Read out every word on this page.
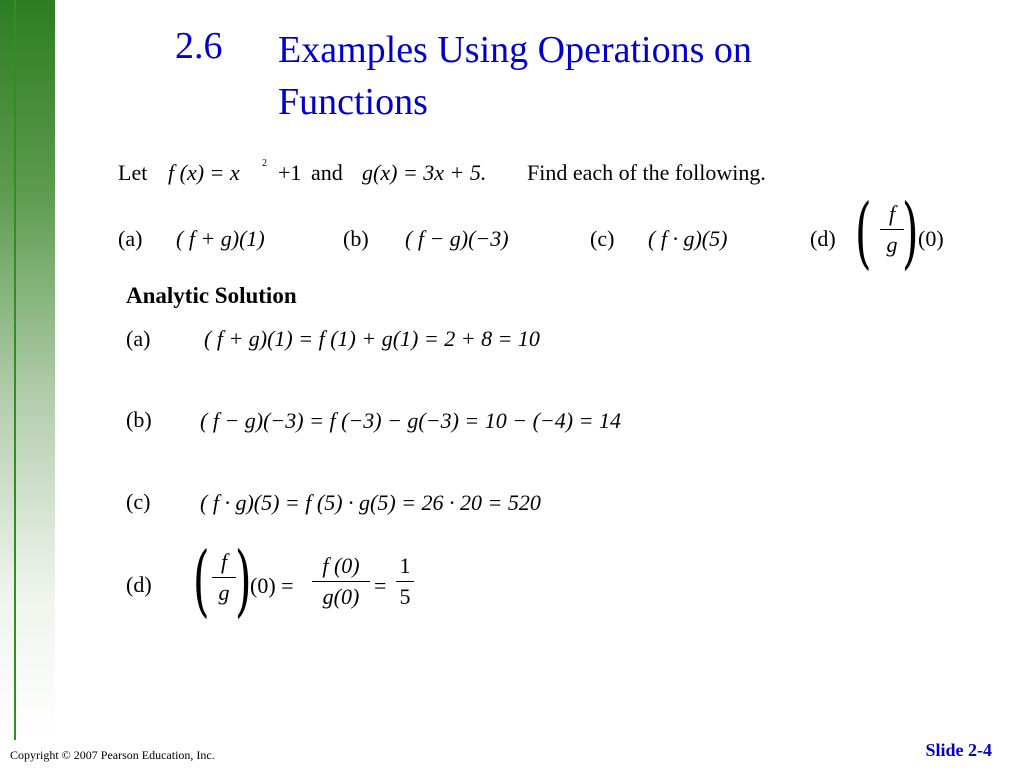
2.6 Examples Using Operations on Functions
Let f (x) = x 2 +1 and g(x) = 3x + 5. Find each of the following.
(a) ( f + g)(1)	(b) ( f − g)(−3)	(c) ( f · g)(5)	(d) ( f
g ) (0)
Analytic Solution
(a) ( f + g)(1) = f (1) + g(1) = 2 + 8 = 10
(b) ( f − g)(−3) = f (−3) − g(−3) = 10 − (−4) = 14
(c) ( f · g)(5) = f (5) · g(5) = 26 · 20 = 520
(d) ( f
g )
(0) =
f (0)
g(0) =
1
5
Copyright © 2007 Pearson Education, Inc.	Slide 2-4
